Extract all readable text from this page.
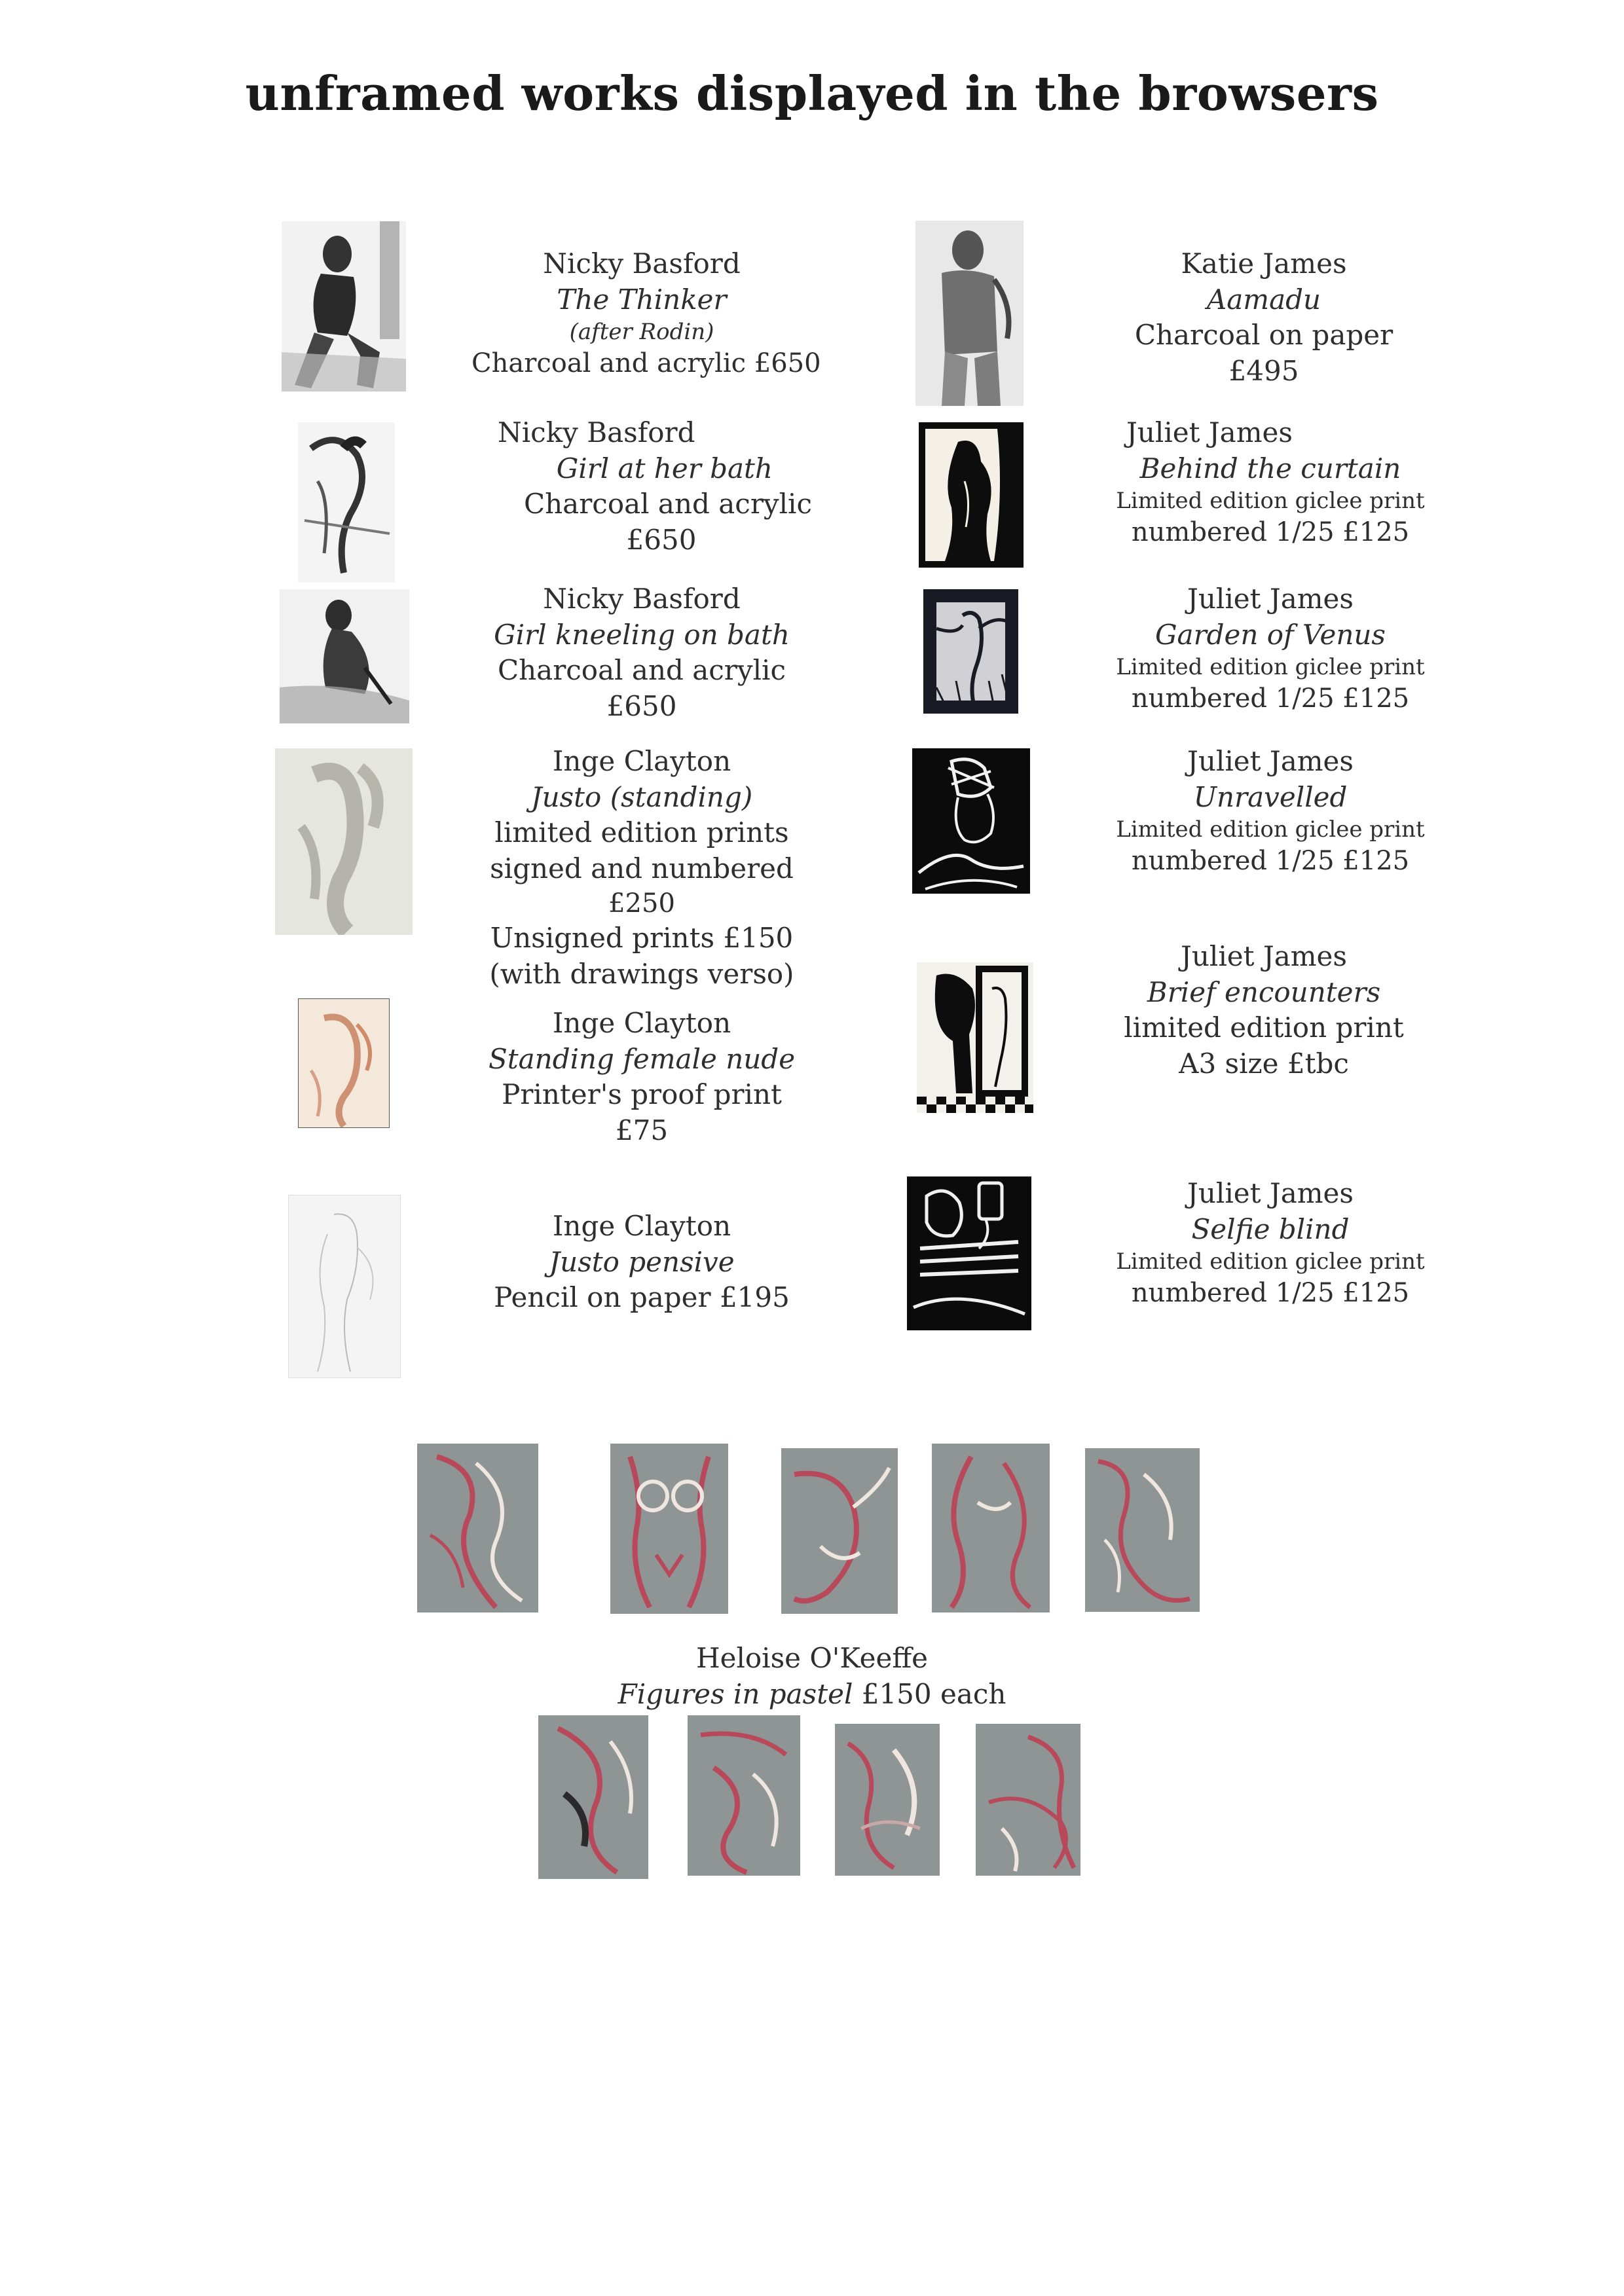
unframed works displayed in the browsers
Nicky Basford
The Thinker
(after Rodin)
Charcoal and acrylic £650
Nicky Basford
Girl at her bath
Charcoal and acrylic
£650
Nicky Basford
Girl kneeling on bath
Charcoal and acrylic
£650
Inge Clayton
Justo (standing)
limited edition prints
signed and numbered
£250
Unsigned prints £150
(with drawings verso)
Inge Clayton
Standing female nude
Printer's proof print
£75
Inge Clayton
Justo pensive
Pencil on paper £195
Katie James
Aamadu
Charcoal on paper
£495
Juliet James
Behind the curtain
Limited edition giclee print
numbered 1/25 £125
Juliet James
Garden of Venus
Limited edition giclee print
numbered 1/25 £125
Juliet James
Unravelled
Limited edition giclee print
numbered 1/25 £125
Juliet James
Brief encounters
limited edition print
A3 size £tbc
Juliet James
Selfie blind
Limited edition giclee print
numbered 1/25 £125
Heloise O'Keeffe
Figures in pastel £150 each
